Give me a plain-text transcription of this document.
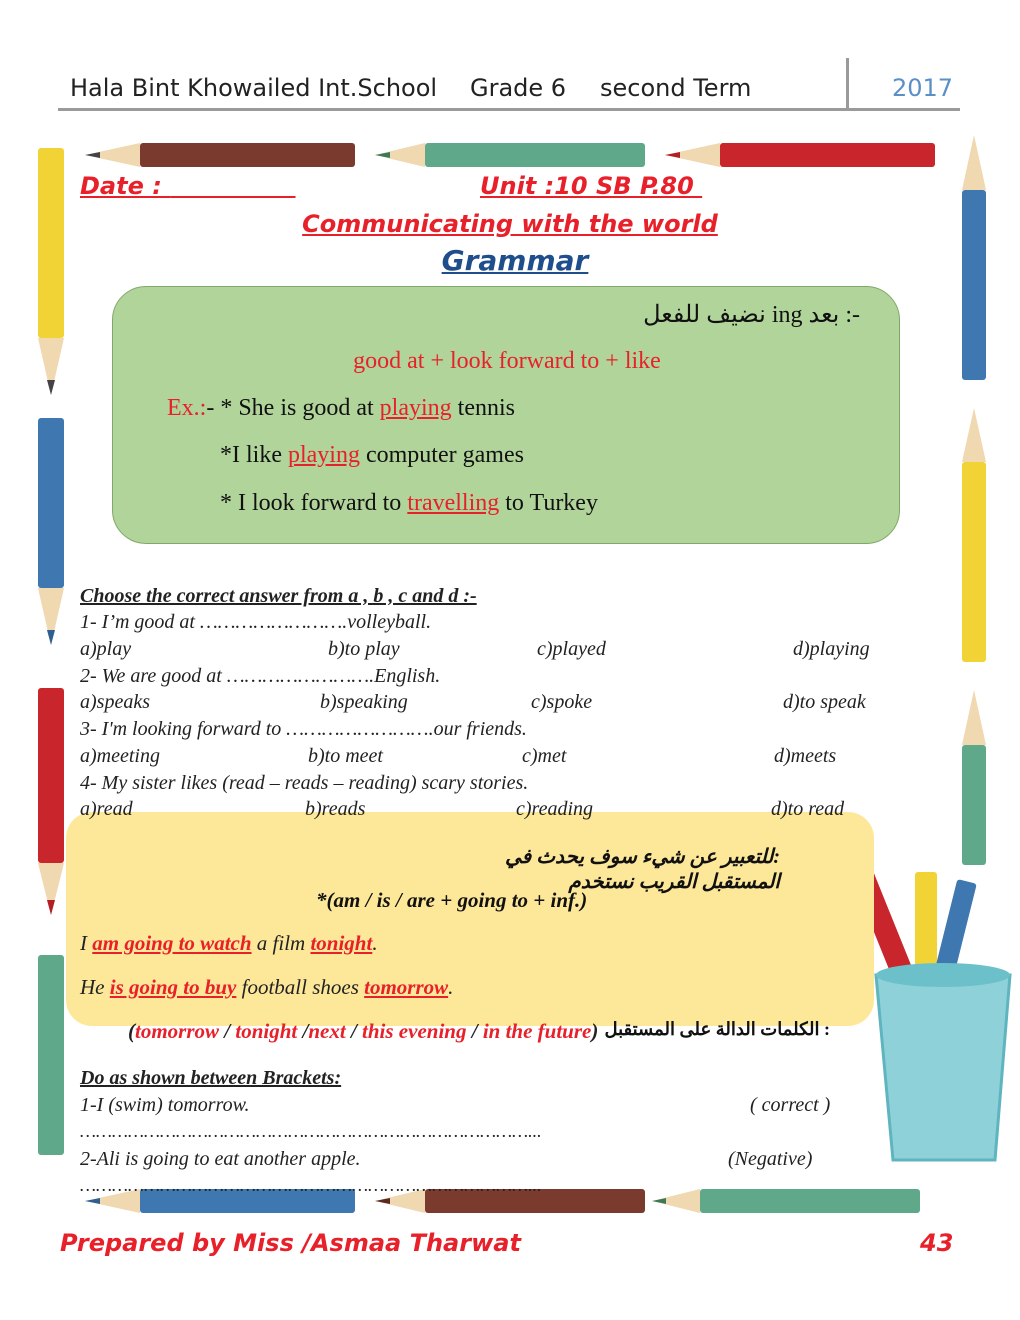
Hala Bint Khowailed Int.School Grade 6 second Term	2017
Date :	Unit :10 SB P.80
Communicating with the world
Grammar
-: بعد ing نضيف للفعل
good at + look forward to + like
Ex.:- * She is good at playing tennis
*I like playing computer games
* I look forward to travelling to Turkey
Choose the correct answer from a , b , c and d :-
1- I’m good at …………………….volleyball.
a)play	b)to play	c)played	d)playing
2- We are good at …………………….English.
a)speaks	b)speaking	c)spoke	d)to speak
3- I'm looking forward to …………………….our friends.
a)meeting	b)to meet	c)met	d)meets
4- My sister likes (read – reads – reading) scary stories.
a)read	b)reads	c)reading	d)to read
:للتعبير عن شيء سوف يحدث في المستقبل القريب نستخدم
*(am / is / are + going to + inf.)
I am going to watch a film tonight.
He is going to buy football shoes tomorrow.
(tomorrow / tonight /next / this evening / in the future) : الكلمات الدالة على المستقبل
Do as shown between Brackets:
1-I (swim) tomorrow.	( correct )
…………………………………………………………………………...
2-Ali is going to eat another apple.	(Negative)
…………………………………………………………………………...
Prepared by Miss /Asmaa Tharwat	43
